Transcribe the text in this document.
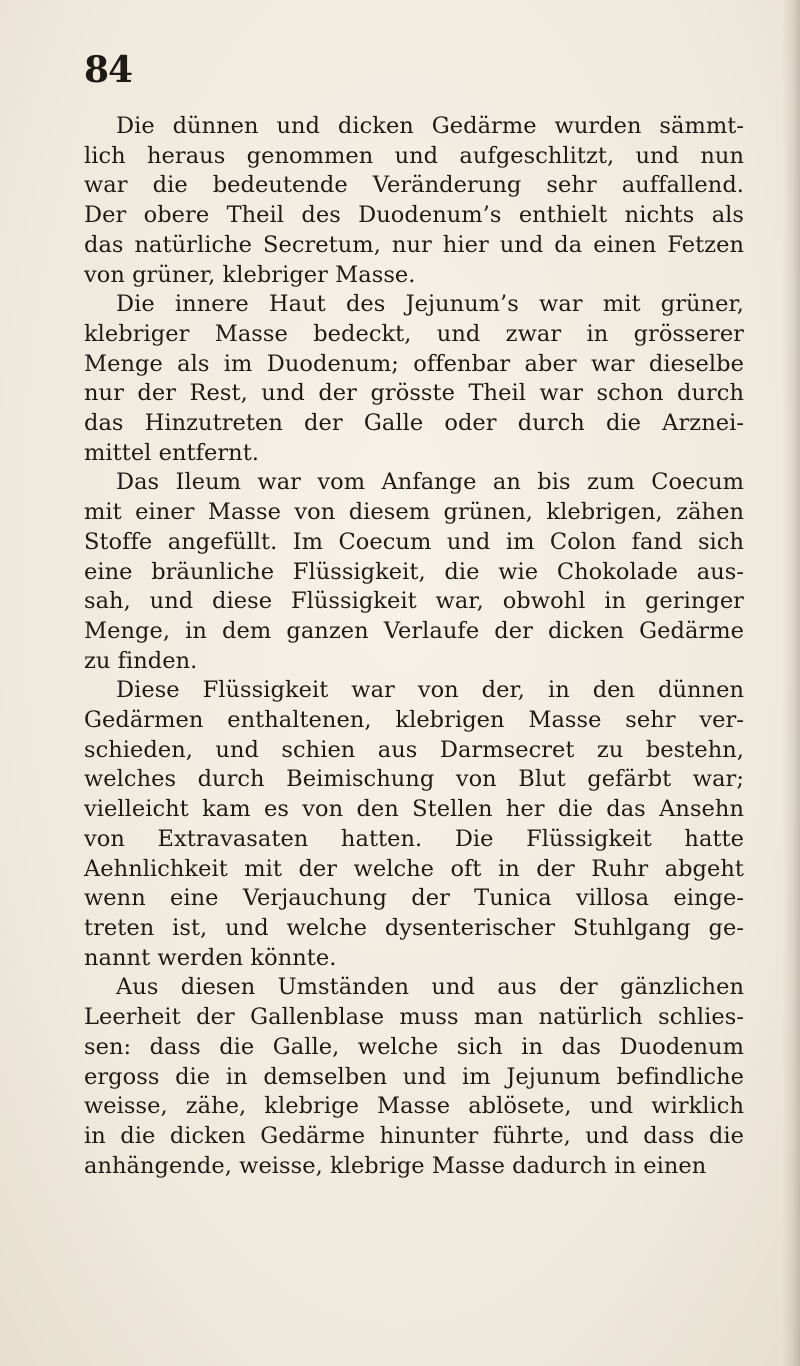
84
Die dünnen und dicken Gedärme wurden sämmt-
lich heraus genommen und aufgeschlitzt, und nun
war die bedeutende Veränderung sehr auffallend.
Der obere Theil des Duodenum’s enthielt nichts als
das natürliche Secretum, nur hier und da einen Fetzen
von grüner, klebriger Masse.
Die innere Haut des Jejunum’s war mit grüner,
klebriger Masse bedeckt, und zwar in grösserer
Menge als im Duodenum; offenbar aber war dieselbe
nur der Rest, und der grösste Theil war schon durch
das Hinzutreten der Galle oder durch die Arznei-
mittel entfernt.
Das Ileum war vom Anfange an bis zum Coecum
mit einer Masse von diesem grünen, klebrigen, zähen
Stoffe angefüllt. Im Coecum und im Colon fand sich
eine bräunliche Flüssigkeit, die wie Chokolade aus-
sah, und diese Flüssigkeit war, obwohl in geringer
Menge, in dem ganzen Verlaufe der dicken Gedärme
zu finden.
Diese Flüssigkeit war von der, in den dünnen
Gedärmen enthaltenen, klebrigen Masse sehr ver-
schieden, und schien aus Darmsecret zu bestehn,
welches durch Beimischung von Blut gefärbt war;
vielleicht kam es von den Stellen her die das Ansehn
von Extravasaten hatten. Die Flüssigkeit hatte
Aehnlichkeit mit der welche oft in der Ruhr abgeht
wenn eine Verjauchung der Tunica villosa einge-
treten ist, und welche dysenterischer Stuhlgang ge-
nannt werden könnte.
Aus diesen Umständen und aus der gänzlichen
Leerheit der Gallenblase muss man natürlich schlies-
sen: dass die Galle, welche sich in das Duodenum
ergoss die in demselben und im Jejunum befindliche
weisse, zähe, klebrige Masse ablösete, und wirklich
in die dicken Gedärme hinunter führte, und dass die
anhängende, weisse, klebrige Masse dadurch in einen
